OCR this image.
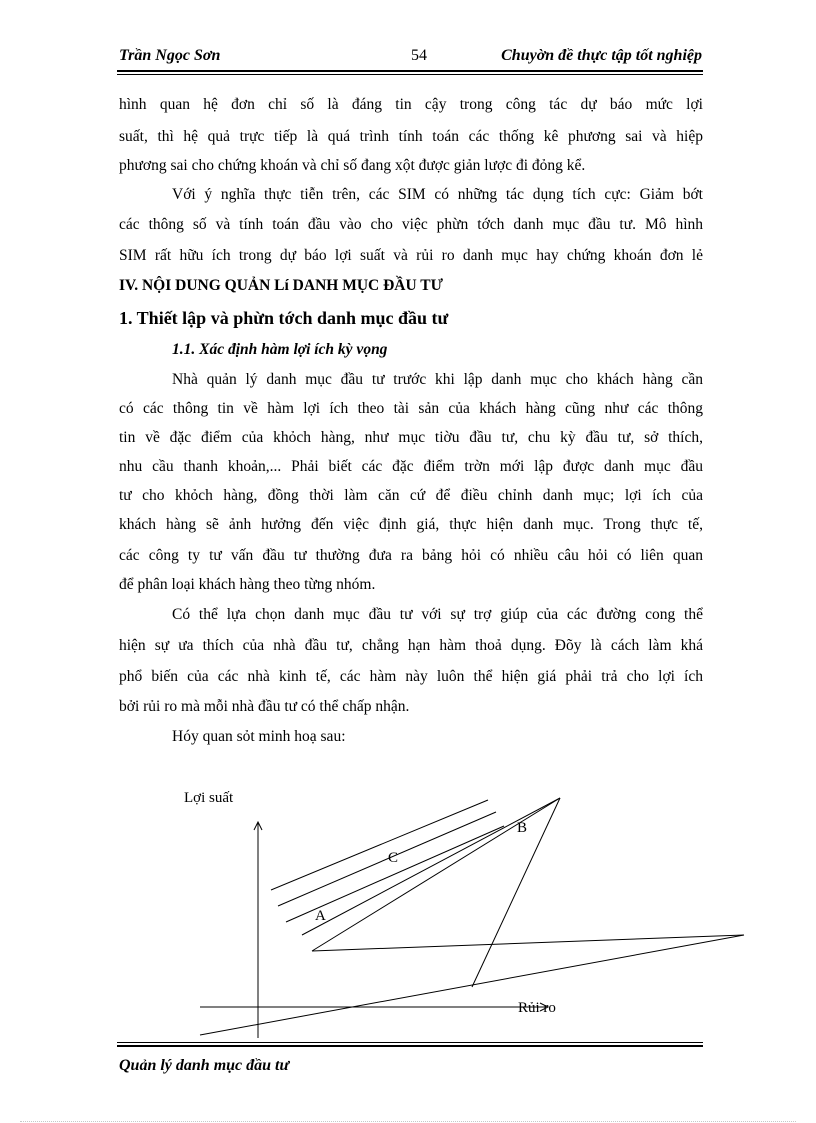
Trần Ngọc Sơn	54	Chuyờn đề thực tập tốt nghiệp
hình quan hệ đơn chỉ số là đáng tin cậy trong công tác dự báo mức lợi
suất, thì hệ quả trực tiếp là quá trình tính toán các thống kê phương sai và hiệp
phương sai cho chứng khoán và chỉ số đang xột được giản lược đi đỏng kể.
Với ý nghĩa thực tiễn trên, các SIM có những tác dụng tích cực: Giảm bớt
các thông số và tính toán đầu vào cho việc phừn tớch danh mục đầu tư. Mô hình
SIM rất hữu ích trong dự báo lợi suất và rủi ro danh mục hay chứng khoán đơn lẻ
IV. NỘI DUNG QUẢN Lí DANH MỤC ĐẦU TƯ
1. Thiết lập và phừn tớch danh mục đầu tư
1.1. Xác định hàm lợi ích kỳ vọng
Nhà quản lý danh mục đầu tư trước khi lập danh mục cho khách hàng cần
có các thông tin về hàm lợi ích theo tài sản của khách hàng cũng như các thông
tin về đặc điểm của khỏch hàng, như mục tiờu đầu tư, chu kỳ đầu tư, sở thích,
nhu cầu thanh khoản,... Phải biết các đặc điểm trờn mới lập được danh mục đầu
tư cho khỏch hàng, đồng thời làm căn cứ để điều chỉnh danh mục; lợi ích của
khách hàng sẽ ảnh hưởng đến việc định giá, thực hiện danh mục. Trong thực tế,
các công ty tư vấn đầu tư thường đưa ra bảng hỏi có nhiều câu hỏi có liên quan
để phân loại khách hàng theo từng nhóm.
Có thể lựa chọn danh mục đầu tư với sự trợ giúp của các đường cong thể
hiện sự ưa thích của nhà đầu tư, chẳng hạn hàm thoả dụng. Đõy là cách làm khá
phổ biến của các nhà kinh tế, các hàm này luôn thể hiện giá phải trả cho lợi ích
bởi rủi ro mà mỗi nhà đầu tư có thể chấp nhận.
Hóy quan sỏt minh hoạ sau:
Lợi suất
Rủi ro
C
A
B
Quản lý danh mục đầu tư
